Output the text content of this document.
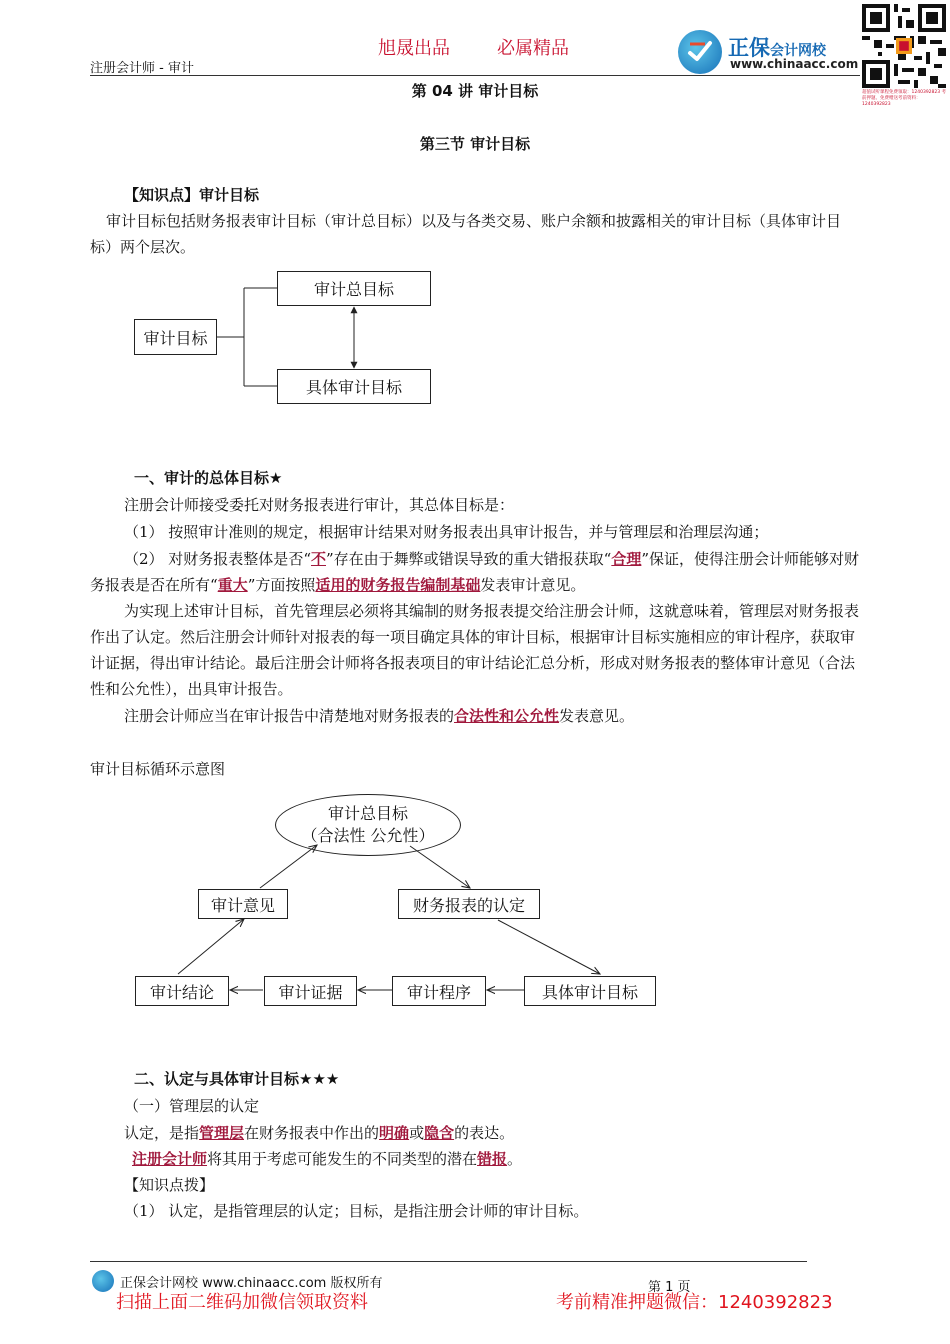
旭晟出品	必属精品
注册会计师 - 审计
正保会计网校
www.chinaacc.com
超值试听课程免费领取：1240392823 考前押题、免费赠送考前资料：1240392823
第 04 讲 审计目标
第三节 审计目标
【知识点】审计目标
审计目标包括财务报表审计目标（审计总目标）以及与各类交易、账户余额和披露相关的审计目标（具体审计目标）两个层次。
审计目标
审计总目标
具体审计目标
一、审计的总体目标★
注册会计师接受委托对财务报表进行审计，其总体目标是：
（1） 按照审计准则的规定，根据审计结果对财务报表出具审计报告，并与管理层和治理层沟通；
（2） 对财务报表整体是否“不”存在由于舞弊或错误导致的重大错报获取“合理”保证，使得注册会计师能够对财务报表是否在所有“重大”方面按照适用的财务报告编制基础发表审计意见。
为实现上述审计目标，首先管理层必须将其编制的财务报表提交给注册会计师，这就意味着，管理层对财务报表作出了认定。然后注册会计师针对报表的每一项目确定具体的审计目标，根据审计目标实施相应的审计程序，获取审计证据，得出审计结论。最后注册会计师将各报表项目的审计结论汇总分析，形成对财务报表的整体审计意见（合法性和公允性），出具审计报告。
注册会计师应当在审计报告中清楚地对财务报表的合法性和公允性发表意见。
审计目标循环示意图
审计总目标
（合法性 公允性）
审计意见	财务报表的认定
审计结论	审计证据	审计程序	具体审计目标
二、认定与具体审计目标★★★
（一）管理层的认定
认定，是指管理层在财务报表中作出的明确或隐含的表达。
注册会计师将其用于考虑可能发生的不同类型的潜在错报。
【知识点拨】
（1） 认定，是指管理层的认定；目标，是指注册会计师的审计目标。
正保会计网校 www.chinaacc.com 版权所有	第 1 页
扫描上面二维码加微信领取资料	考前精准押题微信：1240392823
